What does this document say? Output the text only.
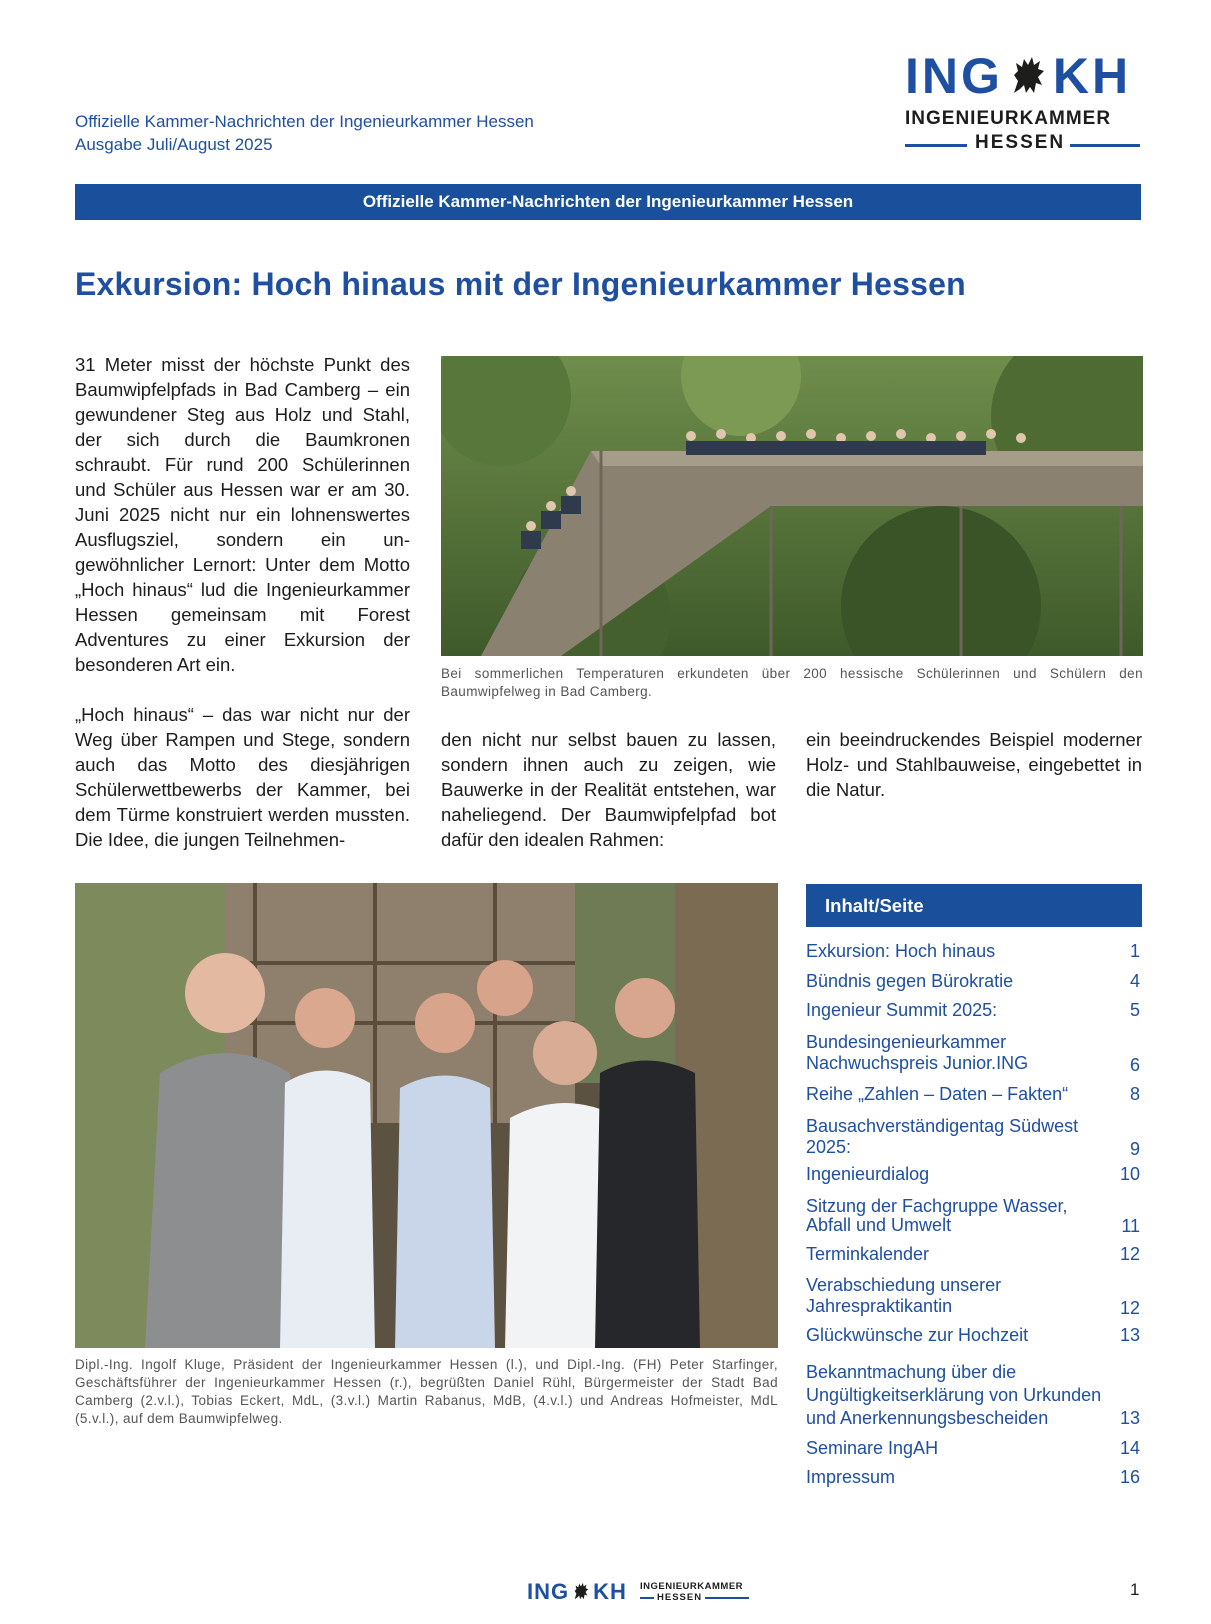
Offizielle Kammer-Nachrichten der Ingenieurkammer Hessen
Ausgabe Juli/August 2025
ING KH
INGENIEURKAMMER
HESSEN
Offizielle Kammer-Nachrichten der Ingenieurkammer Hessen
Exkursion: Hoch hinaus mit der Ingenieurkammer Hessen

31 Meter misst der höchste Punkt des Baumwipfelpfads in Bad Camberg – ein gewundener Steg aus Holz und Stahl, der sich durch die Baumkronen schraubt. Für rund 200 Schülerinnen und Schüler aus Hessen war er am 30. Juni 2025 nicht nur ein lohnenswertes Ausflugsziel, sondern ein ungewöhnlicher Lernort: Unter dem Motto „Hoch hinaus“ lud die Ingenieurkammer Hessen gemeinsam mit Forest Adventures zu einer Exkursion der besonderen Art ein.

„Hoch hinaus“ – das war nicht nur der Weg über Rampen und Stege, sondern auch das Motto des diesjährigen Schülerwettbewerbs der Kammer, bei dem Türme konstruiert werden mussten. Die Idee, die jungen Teilnehmen-

Bei sommerlichen Temperaturen erkundeten über 200 hessische Schülerinnen und Schülern den Baumwipfelweg in Bad Camberg.

den nicht nur selbst bauen zu lassen, sondern ihnen auch zu zeigen, wie Bauwerke in der Realität entstehen, war naheliegend. Der Baumwipfelpfad bot dafür den idealen Rahmen:

ein beeindruckendes Beispiel moderner Holz- und Stahlbauweise, eingebettet in die Natur.

Dipl.-Ing. Ingolf Kluge, Präsident der Ingenieurkammer Hessen (l.), und Dipl.-Ing. (FH) Peter Starfinger, Geschäftsführer der Ingenieurkammer Hessen (r.), begrüßten Daniel Rühl, Bürgermeister der Stadt Bad Camberg (2.v.l.), Tobias Eckert, MdL, (3.v.l.) Martin Rabanus, MdB, (4.v.l.) und Andreas Hofmeister, MdL (5.v.l.), auf dem Baumwipfelweg.
Inhalt/Seite
Exkursion: Hoch hinaus	1
Bündnis gegen Bürokratie	4
Ingenieur Summit 2025:	5
Bundesingenieurkammer Nachwuchspreis Junior.ING	6
Reihe „Zahlen – Daten – Fakten“	8
Bausachverständigentag Südwest 2025:	9
Ingenieurdialog	10
Sitzung der Fachgruppe Wasser, Abfall und Umwelt	11
Terminkalender	12
Verabschiedung unserer Jahrespraktikantin	12
Glückwünsche zur Hochzeit	13
Bekanntmachung über die Ungültigkeitserklärung von Urkunden und Anerkennungsbescheiden	13
Seminare IngAH	14
Impressum	16
ING KH INGENIEURKAMMER
HESSEN	1
